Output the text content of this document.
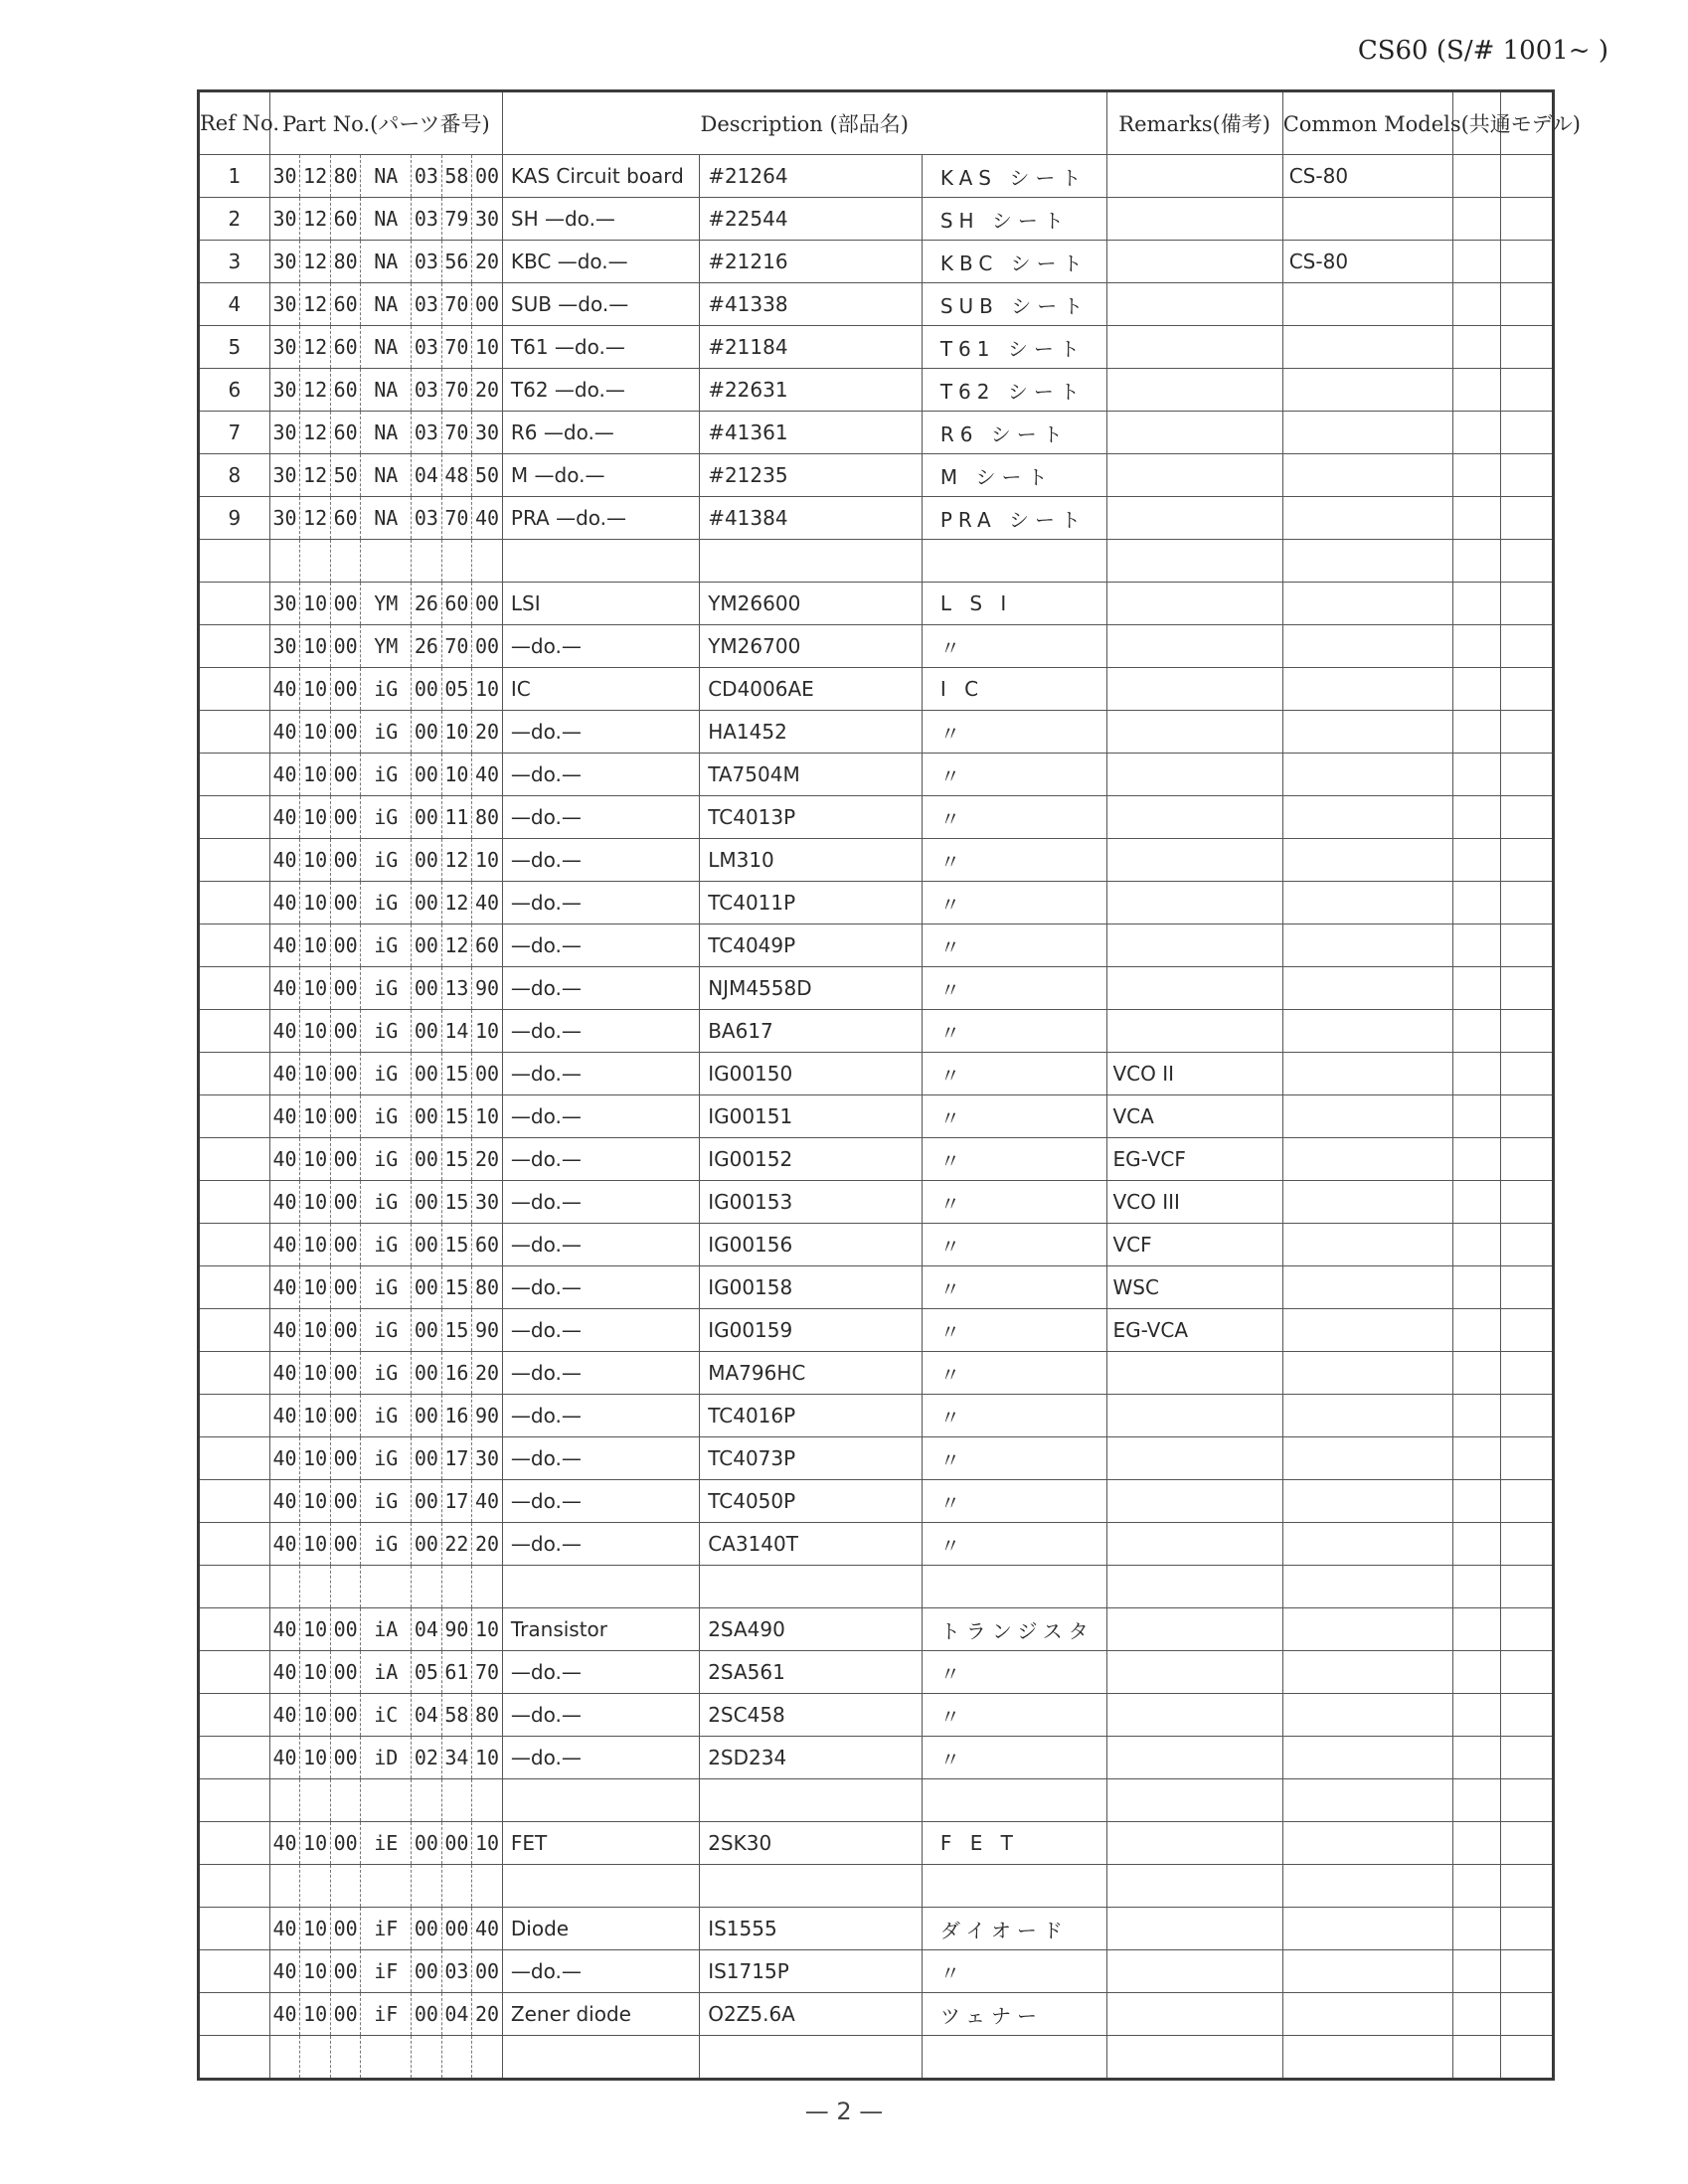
CS60 (S/# 1001~ )
Ref No.	Part No.(パーツ番号)							Description (部品名)			Remarks(備考)	Common Models(共通モデル)		
1	30	12	80	NA	03	58	00	KAS Circuit board	#21264	KAS シート		CS-80		
2	30	12	60	NA	03	79	30	SH —do.—	#22544	SH シート				
3	30	12	80	NA	03	56	20	KBC —do.—	#21216	KBC シート		CS-80		
4	30	12	60	NA	03	70	00	SUB —do.—	#41338	SUB シート				
5	30	12	60	NA	03	70	10	T61 —do.—	#21184	T61 シート				
6	30	12	60	NA	03	70	20	T62 —do.—	#22631	T62 シート				
7	30	12	60	NA	03	70	30	R6 —do.—	#41361	R6 シート				
8	30	12	50	NA	04	48	50	M —do.—	#21235	M シート				
9	30	12	60	NA	03	70	40	PRA —do.—	#41384	PRA シート				

	30	10	00	YM	26	60	00	LSI	YM26600	L S I				
	30	10	00	YM	26	70	00	—do.—	YM26700	〃				
	40	10	00	iG	00	05	10	IC	CD4006AE	I C				
	40	10	00	iG	00	10	20	—do.—	HA1452	〃				
	40	10	00	iG	00	10	40	—do.—	TA7504M	〃				
	40	10	00	iG	00	11	80	—do.—	TC4013P	〃				
	40	10	00	iG	00	12	10	—do.—	LM310	〃				
	40	10	00	iG	00	12	40	—do.—	TC4011P	〃				
	40	10	00	iG	00	12	60	—do.—	TC4049P	〃				
	40	10	00	iG	00	13	90	—do.—	NJM4558D	〃				
	40	10	00	iG	00	14	10	—do.—	BA617	〃				
	40	10	00	iG	00	15	00	—do.—	IG00150	〃	VCO II			
	40	10	00	iG	00	15	10	—do.—	IG00151	〃	VCA			
	40	10	00	iG	00	15	20	—do.—	IG00152	〃	EG-VCF			
	40	10	00	iG	00	15	30	—do.—	IG00153	〃	VCO III			
	40	10	00	iG	00	15	60	—do.—	IG00156	〃	VCF			
	40	10	00	iG	00	15	80	—do.—	IG00158	〃	WSC			
	40	10	00	iG	00	15	90	—do.—	IG00159	〃	EG-VCA			
	40	10	00	iG	00	16	20	—do.—	MA796HC	〃				
	40	10	00	iG	00	16	90	—do.—	TC4016P	〃				
	40	10	00	iG	00	17	30	—do.—	TC4073P	〃				
	40	10	00	iG	00	17	40	—do.—	TC4050P	〃				
	40	10	00	iG	00	22	20	—do.—	CA3140T	〃				

	40	10	00	iA	04	90	10	Transistor	2SA490	トランジスタ				
	40	10	00	iA	05	61	70	—do.—	2SA561	〃				
	40	10	00	iC	04	58	80	—do.—	2SC458	〃				
	40	10	00	iD	02	34	10	—do.—	2SD234	〃				

	40	10	00	iE	00	00	10	FET	2SK30	F E T				

	40	10	00	iF	00	00	40	Diode	IS1555	ダイオード				
	40	10	00	iF	00	03	00	—do.—	IS1715P	〃				
	40	10	00	iF	00	04	20	Zener diode	O2Z5.6A	ツェナー				

— 2 —
